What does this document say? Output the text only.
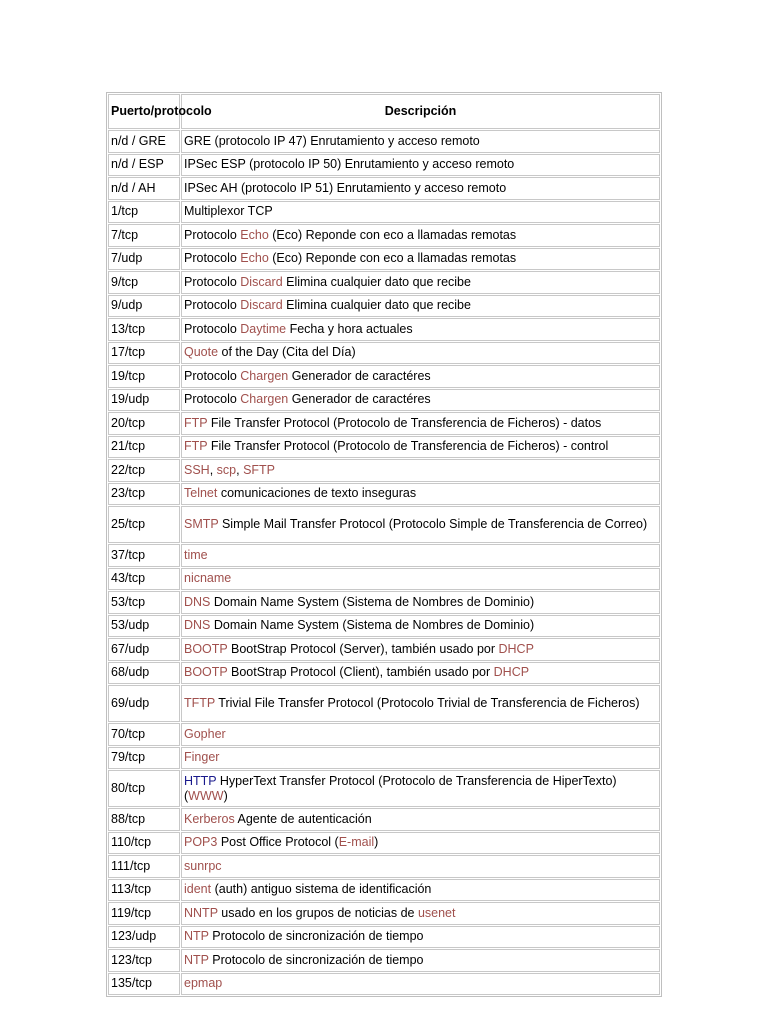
Puerto/protocolo	Descripción
n/d / GRE	GRE (protocolo IP 47) Enrutamiento y acceso remoto
n/d / ESP	IPSec ESP (protocolo IP 50) Enrutamiento y acceso remoto
n/d / AH	IPSec AH (protocolo IP 51) Enrutamiento y acceso remoto
1/tcp	Multiplexor TCP
7/tcp	Protocolo Echo (Eco) Reponde con eco a llamadas remotas
7/udp	Protocolo Echo (Eco) Reponde con eco a llamadas remotas
9/tcp	Protocolo Discard Elimina cualquier dato que recibe
9/udp	Protocolo Discard Elimina cualquier dato que recibe
13/tcp	Protocolo Daytime Fecha y hora actuales
17/tcp	Quote of the Day (Cita del Día)
19/tcp	Protocolo Chargen Generador de caractéres
19/udp	Protocolo Chargen Generador de caractéres
20/tcp	FTP File Transfer Protocol (Protocolo de Transferencia de Ficheros) - datos
21/tcp	FTP File Transfer Protocol (Protocolo de Transferencia de Ficheros) - control
22/tcp	SSH, scp, SFTP
23/tcp	Telnet comunicaciones de texto inseguras
25/tcp	SMTP Simple Mail Transfer Protocol (Protocolo Simple de Transferencia de Correo)
37/tcp	time
43/tcp	nicname
53/tcp	DNS Domain Name System (Sistema de Nombres de Dominio)
53/udp	DNS Domain Name System (Sistema de Nombres de Dominio)
67/udp	BOOTP BootStrap Protocol (Server), también usado por DHCP
68/udp	BOOTP BootStrap Protocol (Client), también usado por DHCP
69/udp	TFTP Trivial File Transfer Protocol (Protocolo Trivial de Transferencia de Ficheros)
70/tcp	Gopher
79/tcp	Finger
80/tcp	HTTP HyperText Transfer Protocol (Protocolo de Transferencia de HiperTexto) (WWW)
88/tcp	Kerberos Agente de autenticación
110/tcp	POP3 Post Office Protocol (E-mail)
111/tcp	sunrpc
113/tcp	ident (auth) antiguo sistema de identificación
119/tcp	NNTP usado en los grupos de noticias de usenet
123/udp	NTP Protocolo de sincronización de tiempo
123/tcp	NTP Protocolo de sincronización de tiempo
135/tcp	epmap
